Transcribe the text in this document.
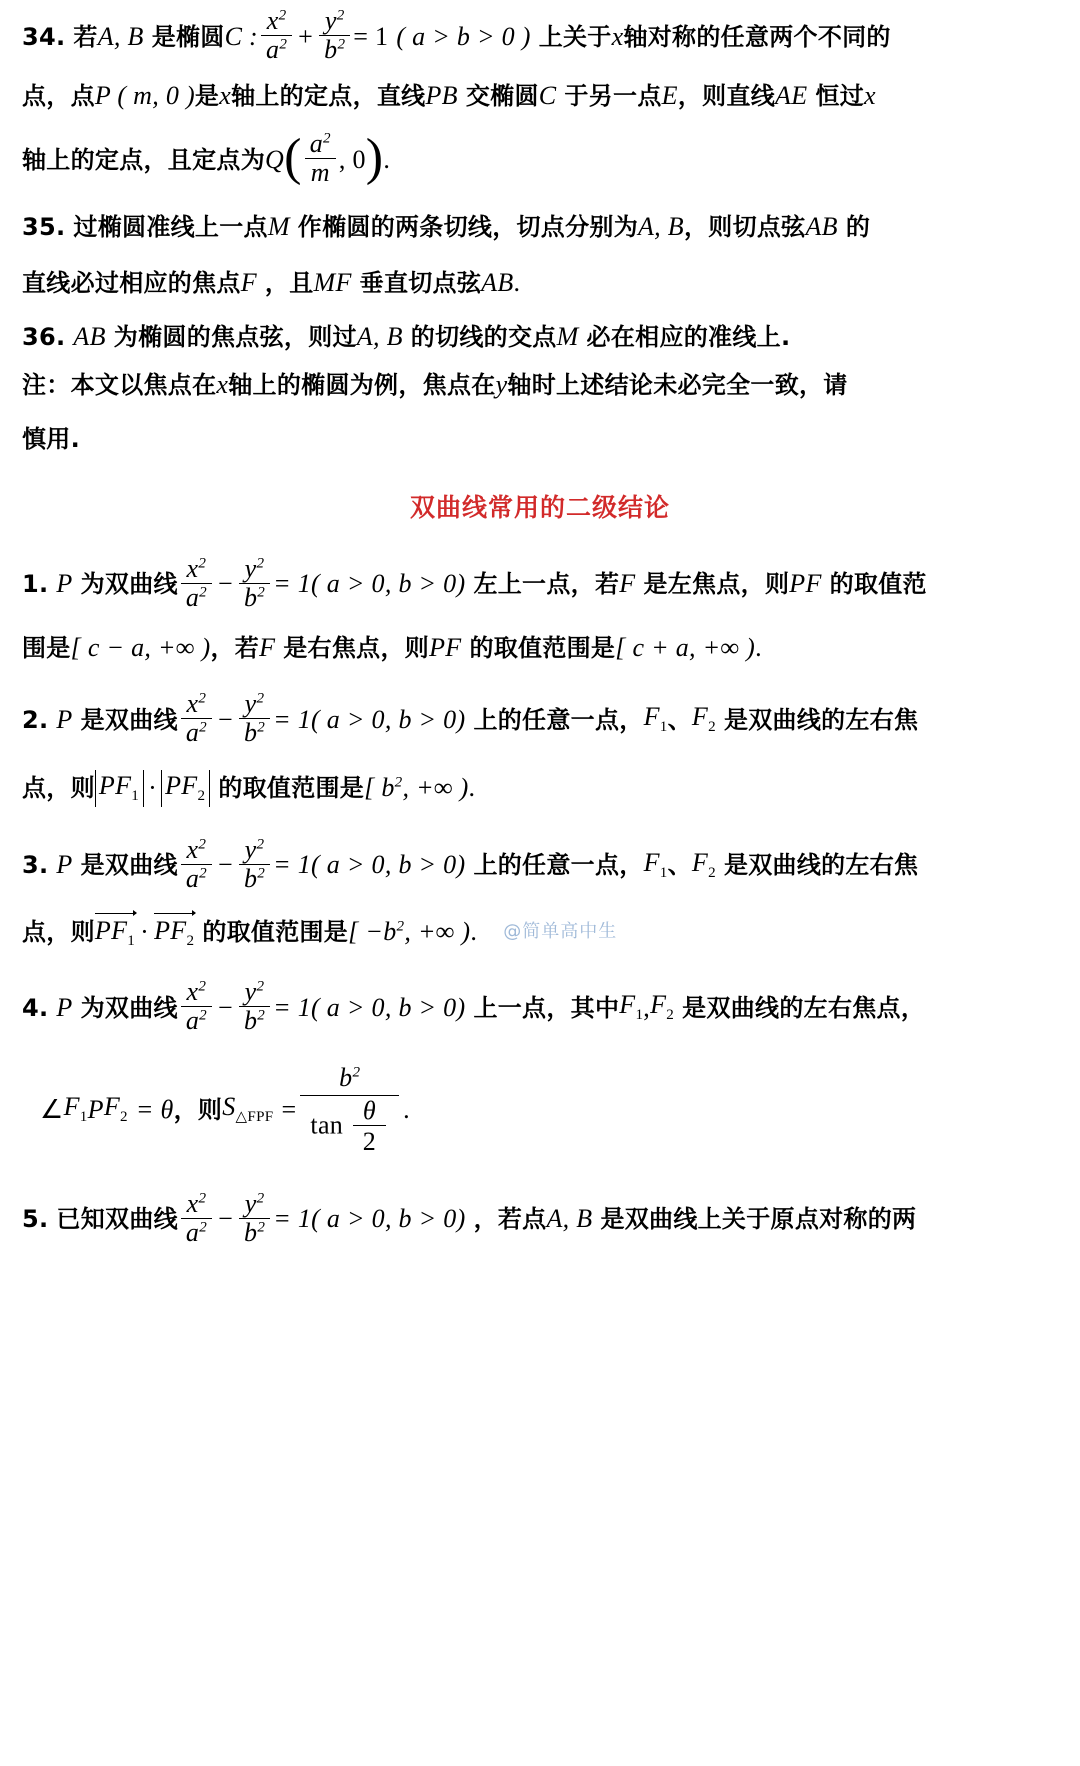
34. 若 A, B 是椭圆 C : $\frac{x^2}{a^2} + \frac{y^2}{b^2} = 1$ ( a > b > 0 ) 上关于 x 轴对称的任意两个不同的
点，点 P ( m, 0 ) 是 x 轴上的定点，直线 PB 交椭圆 C 于另一点 E ，则直线 AE 恒过 x
轴上的定点，且定点为 Q ( $\frac{a^2}{m}$ , 0 ) .
35. 过椭圆准线上一点 M 作椭圆的两条切线，切点分别为 A, B ，则切点弦 AB 的
直线必过相应的焦点 F ，且 MF 垂直切点弦 AB .
36. AB 为椭圆的焦点弦，则过 A, B 的切线的交点 M 必在相应的准线上.
注：本文以焦点在 x 轴上的椭圆为例，焦点在 y 轴时上述结论未必完全一致，请
慎用.
双曲线常用的二级结论
1. P 为双曲线 $\frac{x^2}{a^2} - \frac{y^2}{b^2} = 1$( a > 0, b > 0) 左上一点，若 F 是左焦点，则 PF 的取值范
围是 [ c − a, +∞ ) ，若 F 是右焦点，则 PF 的取值范围是 [ c + a, +∞ ) .
2. P 是双曲线 $\frac{x^2}{a^2} - \frac{y^2}{b^2} = 1$( a > 0, b > 0) 上的任意一点， $F_1$ 、 $F_2$ 是双曲线的左右焦
点，则 $PF_1 \cdot PF_2$ 的取值范围是 [ $b^2$, +∞ ) .
3. P 是双曲线 $\frac{x^2}{a^2} - \frac{y^2}{b^2} = 1$( a > 0, b > 0) 上的任意一点， $F_1$ 、 $F_2$ 是双曲线的左右焦
点，则 $PF_1 \cdot PF_2$ 的取值范围是 [ $-b^2$, +∞ ) . @简单高中生
4. P 为双曲线 $\frac{x^2}{a^2} - \frac{y^2}{b^2} = 1$( a > 0, b > 0) 上一点，其中 $F_1$ , $F_2$ 是双曲线的左右焦点，
∠ $F_1$ P $F_2 = \theta$ ，则 $S_{\triangle FPF} = \frac{b^2}{\tan \frac{\theta}{2}}$ .
5. 已知双曲线 $\frac{x^2}{a^2} - \frac{y^2}{b^2} = 1$( a > 0, b > 0) ，若点 A, B 是双曲线上关于原点对称的两
